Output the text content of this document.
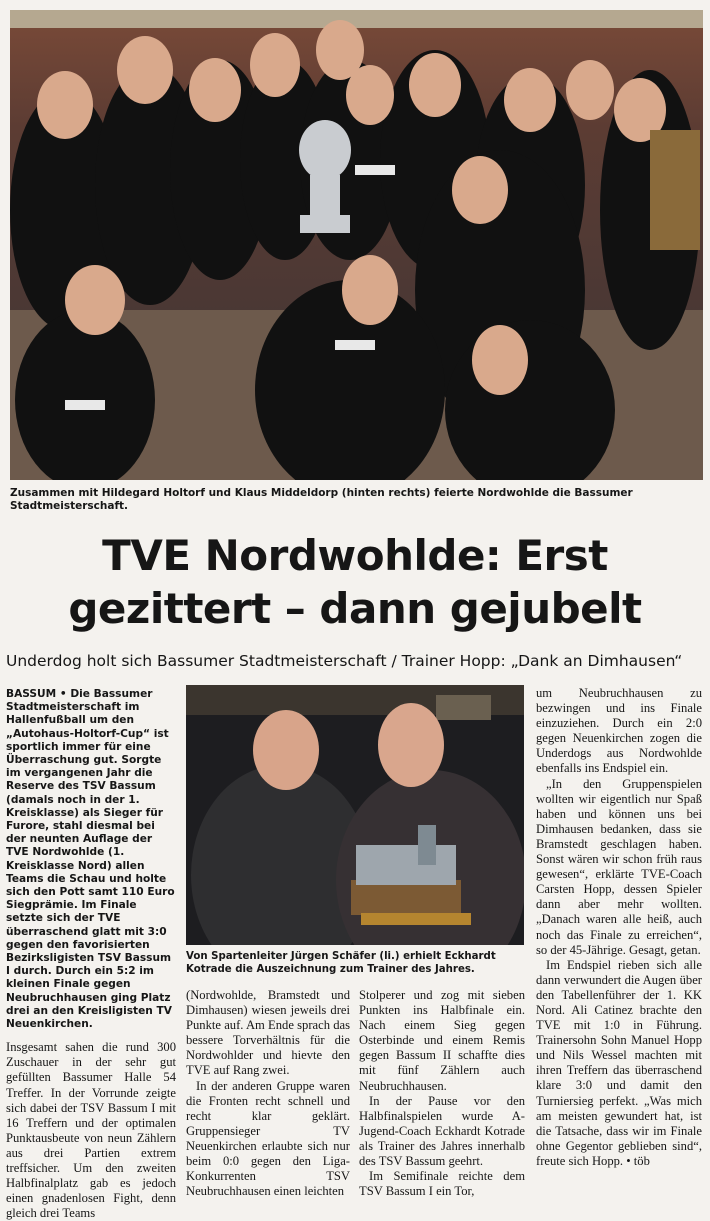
Zusammen mit Hildegard Holtorf und Klaus Middeldorp (hinten rechts) feierte Nordwohlde die Bassumer Stadtmeisterschaft.
TVE Nordwohlde: Erst
gezittert – dann gejubelt
Underdog holt sich Bassumer Stadtmeisterschaft / Trainer Hopp: „Dank an Dimhausen“

BASSUM • Die Bassumer Stadtmeisterschaft im Hallenfußball um den „Autohaus-Holtorf-Cup“ ist sportlich immer für eine Überraschung gut. Sorgte im vergangenen Jahr die Reserve des TSV Bassum (damals noch in der 1. Kreisklasse) als Sieger für Furore, stahl diesmal bei der neunten Auflage der TVE Nordwohlde (1. Kreisklasse Nord) allen Teams die Schau und holte sich den Pott samt 110 Euro Siegprämie. Im Finale setzte sich der TVE überraschend glatt mit 3:0 gegen den favorisierten Bezirksligisten TSV Bassum I durch. Durch ein 5:2 im kleinen Finale gegen Neubruchhausen ging Platz drei an den Kreisligisten TV Neuenkirchen.

Insgesamt sahen die rund 300 Zuschauer in der sehr gut gefüllten Bassumer Halle 54 Treffer. In der Vorrunde zeigte sich dabei der TSV Bassum I mit 16 Treffern und der optimalen Punktausbeute von neun Zählern aus drei Partien extrem treffsicher. Um den zweiten Halbfinalplatz gab es jedoch einen gnadenlosen Fight, denn gleich drei Teams

Von Spartenleiter Jürgen Schäfer (li.) erhielt Eckhardt Kotrade die Auszeichnung zum Trainer des Jahres.

(Nordwohlde, Bramstedt und Dimhausen) wiesen jeweils drei Punkte auf. Am Ende sprach das bessere Torverhältnis für die Nordwohlder und hievte den TVE auf Rang zwei.

In der anderen Gruppe waren die Fronten recht schnell und recht klar geklärt. Gruppensieger TV Neuenkirchen erlaubte sich nur beim 0:0 gegen den Liga-Konkurrenten TSV Neubruchhausen einen leichten

Stolperer und zog mit sieben Punkten ins Halbfinale ein. Nach einem Sieg gegen Osterbinde und einem Remis gegen Bassum II schaffte dies mit fünf Zählern auch Neubruchhausen.

In der Pause vor den Halbfinalspielen wurde A-Jugend-Coach Eckhardt Kotrade als Trainer des Jahres innerhalb des TSV Bassum geehrt.

Im Semifinale reichte dem TSV Bassum I ein Tor,

um Neubruchhausen zu bezwingen und ins Finale einzuziehen. Durch ein 2:0 gegen Neuenkirchen zogen die Underdogs aus Nordwohlde ebenfalls ins Endspiel ein.

„In den Gruppenspielen wollten wir eigentlich nur Spaß haben und können uns bei Dimhausen bedanken, dass sie Bramstedt geschlagen haben. Sonst wären wir schon früh raus gewesen“, erklärte TVE-Coach Carsten Hopp, dessen Spieler dann aber mehr wollten. „Danach waren alle heiß, auch noch das Finale zu erreichen“, so der 45-Jährige. Gesagt, getan.

Im Endspiel rieben sich alle dann verwundert die Augen über den Tabellenführer der 1. KK Nord. Ali Catinez brachte den TVE mit 1:0 in Führung. Trainersohn Sohn Manuel Hopp und Nils Wessel machten mit ihren Treffern das überraschend klare 3:0 und damit den Turniersieg perfekt. „Was mich am meisten gewundert hat, ist die Tatsache, dass wir im Finale ohne Gegentor geblieben sind“, freute sich Hopp. • töb
